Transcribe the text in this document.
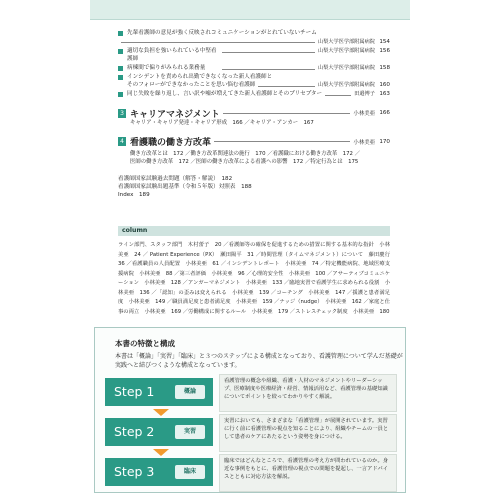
先輩看護師の意見が強く反映されコミュニケーションがとれていないチーム
山梨大学医学部附属病院 154
適切な負担を強いられている中堅看護師
山梨大学医学部附属病院 156
病棟間で偏りがみられる業務量	山梨大学医学部附属病院 158
インシデントを責められ出勤できなくなった新人看護師と
そのフォローができなかったことを思い悩む看護師	山梨大学医学部附属病院 160
同じ失敗を繰り返し、言い訳や嘘が増えてきた新人看護師とそのプリセプター	田邉博子 163
3 キャリアマネジメント	小林美亜 166
キャリア・キャリア発達・キャリア形成　166 ／キャリア・アンカー　167
4 看護職の働き方改革	小林美亜 170
働き方改革とは　172 ／働き方改革関連法の施行　170 ／看護職における働き方改革　172 ／
医師の働き方改革　172 ／医師の働き方改革による看護への影響　172 ／特定行為とは　175
看護師国家試験過去問題（解答・解説）　182
看護師国家試験出題基準（令和５年版）対照表　188
Index　189
column
ライン部門、スタッフ部門　木村蕾子　20 ／看護師等の確保を促進するための措置に関する基本的な指針　小林美亜　24 ／ Patient Experience（PX）　瀬田陽平　31 ／時間管理（タイムマネジメント）について　藤田慶行　36 ／看護職員の人員配置　小林美亜　61 ／インシデントレポート　小林美亜　74 ／特定機能病院、地域医療支援病院　小林美亜　88 ／第三者評価　小林美亜　96 ／心理的安全性　小林美亜　100 ／アサーティブコミュニケーション　小林美亜　128 ／アンガーマネジメント　小林美亜　133 ／臨地実習で看護学生に求められる役割　小林美亜　136 ／「認知」の歪みは変えられる　小林美亜　139 ／コーチング　小林美亜　147 ／援護と患者満足度　小林美亜　149 ／職員満足度と患者満足度　小林美亜　159 ／ナッジ（nudge）　小林美亜　162 ／家庭と仕事の両立　小林美亜　169 ／労働構成に関するルール　小林美亜　179 ／ストレスチェック制度　小林美亜　180
本書の特徴と構成
本書は「概論」「実習」「臨床」と３つのステップによる構成となっており、看護管理について学んだ基礎が実践へと結びつくような構成となっています。
Step 1	概論
看護管理の概念や組織、看護・人材のマネジメントやリーダーシップ、医療制度や医療経済・経営、情報活用など、看護管理の基礎知識についてポイントを絞ってわかりやすく解説。
Step 2	実習
実習においても、さまざまな「看護管理」が展開されています。実習に行く前に看護管理の視点を知ることにより、組織やチームの一員として患者のケアにあたるという姿勢を身につける。
Step 3	臨床
臨床ではどんなところで、看護管理の考え方が問われているのか。身近な事例をもとに、看護管理の視点での問題を提起し、一言アドバイスとともに対応方法を解説。
